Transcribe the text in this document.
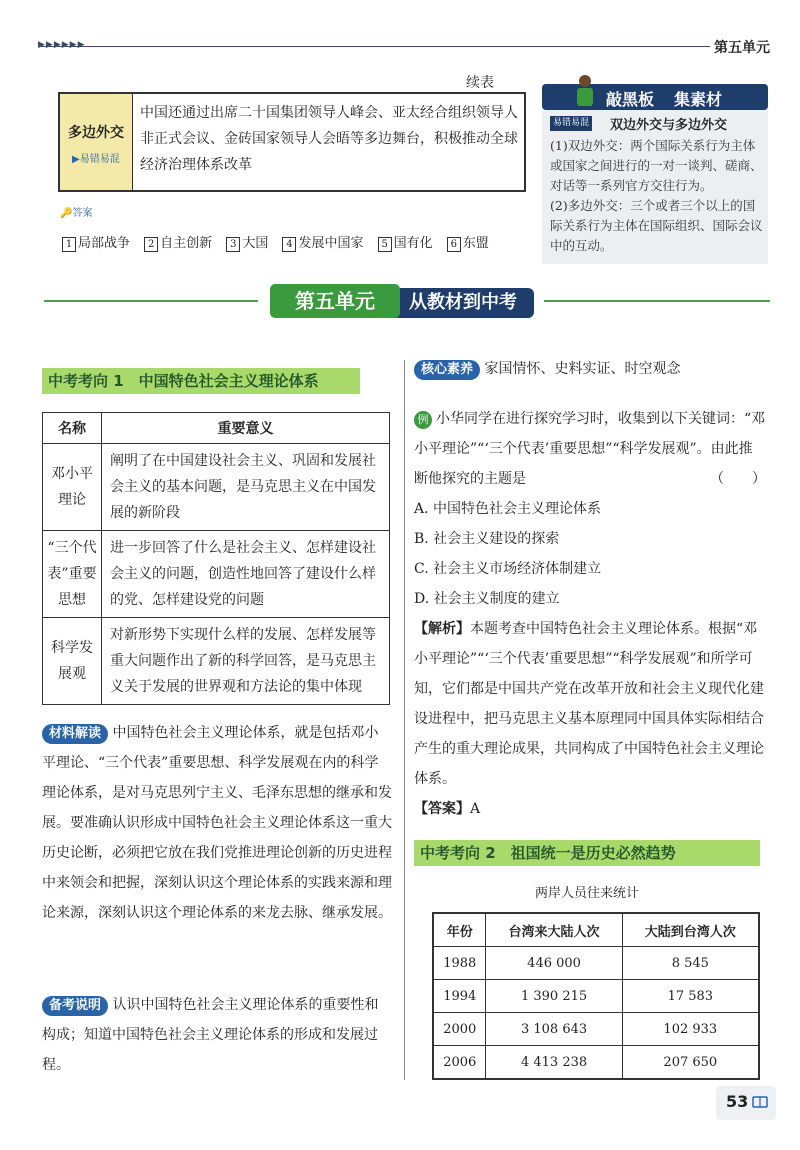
▶▶▶▶▶▶	第五单元
续表
多边外交
▶易错易混
中国还通过出席二十国集团领导人峰会、亚太经合组织领导人非正式会议、金砖国家领导人会晤等多边舞台，积极推动全球经济治理体系改革
敲黑板 集素材
易错易混 双边外交与多边外交
(1)双边外交：两个国际关系行为主体或国家之间进行的一对一谈判、磋商、对话等一系列官方交往行为。
(2)多边外交：三个或者三个以上的国际关系行为主体在国际组织、国际会议中的互动。
🔑答案
1 局部战争 2 自主创新 3 大国 4 发展中国家 5 国有化 6 东盟
从教材到中考
第五单元
中考考向 1　中国特色社会主义理论体系
名称	重要意义
邓小平理论	阐明了在中国建设社会主义、巩固和发展社会主义的基本问题，是马克思主义在中国发展的新阶段
“三个代表”重要思想	进一步回答了什么是社会主义、怎样建设社会主义的问题，创造性地回答了建设什么样的党、怎样建设党的问题
科学发展观	对新形势下实现什么样的发展、怎样发展等重大问题作出了新的科学回答，是马克思主义关于发展的世界观和方法论的集中体现
材料解读 中国特色社会主义理论体系，就是包括邓小平理论、“三个代表”重要思想、科学发展观在内的科学理论体系，是对马克思列宁主义、毛泽东思想的继承和发展。要准确认识形成中国特色社会主义理论体系这一重大历史论断，必须把它放在我们党推进理论创新的历史进程中来领会和把握，深刻认识这个理论体系的实践来源和理论来源，深刻认识这个理论体系的来龙去脉、继承发展。
备考说明 认识中国特色社会主义理论体系的重要性和构成；知道中国特色社会主义理论体系的形成和发展过程。
核心素养 家国情怀、史料实证、时空观念
例 小华同学在进行探究学习时，收集到以下关键词：“邓小平理论”“‘三个代表’重要思想”“科学发展观”。由此推断他探究的主题是	（　　）
A. 中国特色社会主义理论体系
B. 社会主义建设的探索
C. 社会主义市场经济体制建立
D. 社会主义制度的建立
【解析】本题考查中国特色社会主义理论体系。根据“邓小平理论”“‘三个代表’重要思想”“科学发展观”和所学可知，它们都是中国共产党在改革开放和社会主义现代化建设进程中，把马克思主义基本原理同中国具体实际相结合产生的重大理论成果，共同构成了中国特色社会主义理论体系。
【答案】A
中考考向 2　祖国统一是历史必然趋势
两岸人员往来统计
年份	台湾来大陆人次	大陆到台湾人次
1988	446 000	8 545
1994	1 390 215	17 583
2000	3 108 643	102 933
2006	4 413 238	207 650
53
